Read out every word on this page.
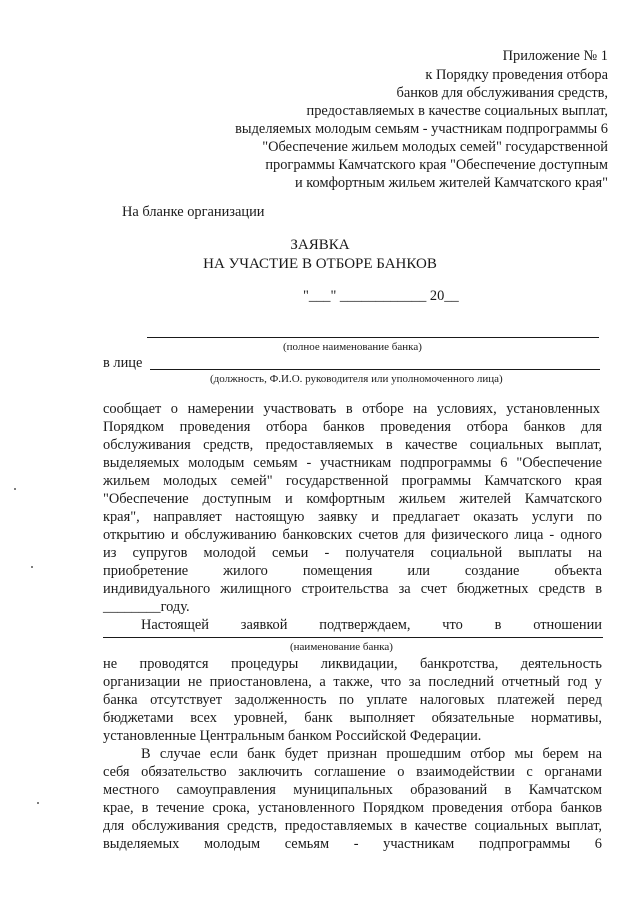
Приложение № 1
к Порядку проведения отбора
банков для обслуживания средств,
предоставляемых в качестве социальных выплат,
выделяемых молодым семьям - участникам подпрограммы 6
"Обеспечение жильем молодых семей" государственной
программы Камчатского края "Обеспечение доступным
и комфортным жильем жителей Камчатского края"
На бланке организации
ЗАЯВКА
НА УЧАСТИЕ В ОТБОРЕ БАНКОВ
"___" ____________ 20__
(полное наименование банка)
в лице
(должность, Ф.И.О. руководителя или уполномоченного лица)
сообщает о намерении участвовать в отборе на условиях, установленных
Порядком проведения отбора банков проведения отбора банков для
обслуживания средств, предоставляемых в качестве социальных выплат,
выделяемых молодым семьям - участникам подпрограммы 6 "Обеспечение
жильем молодых семей" государственной программы Камчатского края
"Обеспечение доступным и комфортным жильем жителей Камчатского
края", направляет настоящую заявку и предлагает оказать услуги по
открытию и обслуживанию банковских счетов для физического лица - одного
из супругов молодой семьи - получателя социальной выплаты на
приобретение жилого помещения или создание объекта
индивидуального жилищного строительства за счет бюджетных средств в
________году.
Настоящей заявкой подтверждаем, что в отношении
(наименование банка)
не проводятся процедуры ликвидации, банкротства, деятельность
организации не приостановлена, а также, что за последний отчетный год у
банка отсутствует задолженность по уплате налоговых платежей перед
бюджетами всех уровней, банк выполняет обязательные нормативы,
установленные Центральным банком Российской Федерации.
В случае если банк будет признан прошедшим отбор мы берем на
себя обязательство заключить соглашение о взаимодействии с органами
местного самоуправления муниципальных образований в Камчатском
крае, в течение срока, установленного Порядком проведения отбора банков
для обслуживания средств, предоставляемых в качестве социальных выплат,
выделяемых молодым семьям - участникам подпрограммы 6
